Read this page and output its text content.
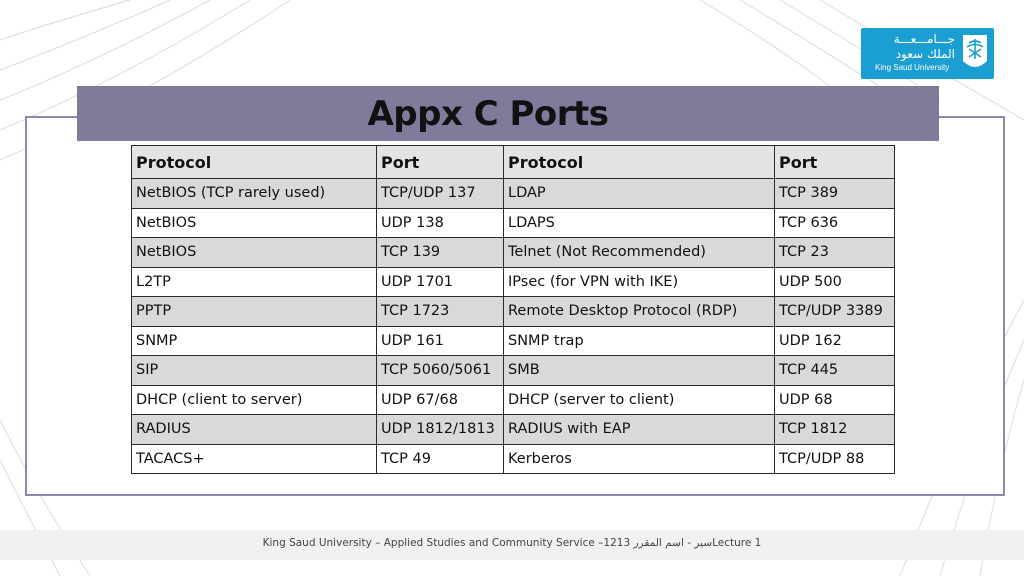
Appx C Ports
جـــامـــعـــة
الملك سعود
King Saud University
Protocol	Port	Protocol	Port
NetBIOS (TCP rarely used)	TCP/UDP 137	LDAP	TCP 389
NetBIOS	UDP 138	LDAPS	TCP 636
NetBIOS	TCP 139	Telnet (Not Recommended)	TCP 23
L2TP	UDP 1701	IPsec (for VPN with IKE)	UDP 500
PPTP	TCP 1723	Remote Desktop Protocol (RDP)	TCP/UDP 3389
SNMP	UDP 161	SNMP trap	UDP 162
SIP	TCP 5060/5061	SMB	TCP 445
DHCP (client to server)	UDP 67/68	DHCP (server to client)	UDP 68
RADIUS	UDP 1812/1813	RADIUS with EAP	TCP 1812
TACACS+	TCP 49	Kerberos	TCP/UDP 88
King Saud University – Applied Studies and Community Service –1213 سير - اسم المقرر‎Lecture 1
